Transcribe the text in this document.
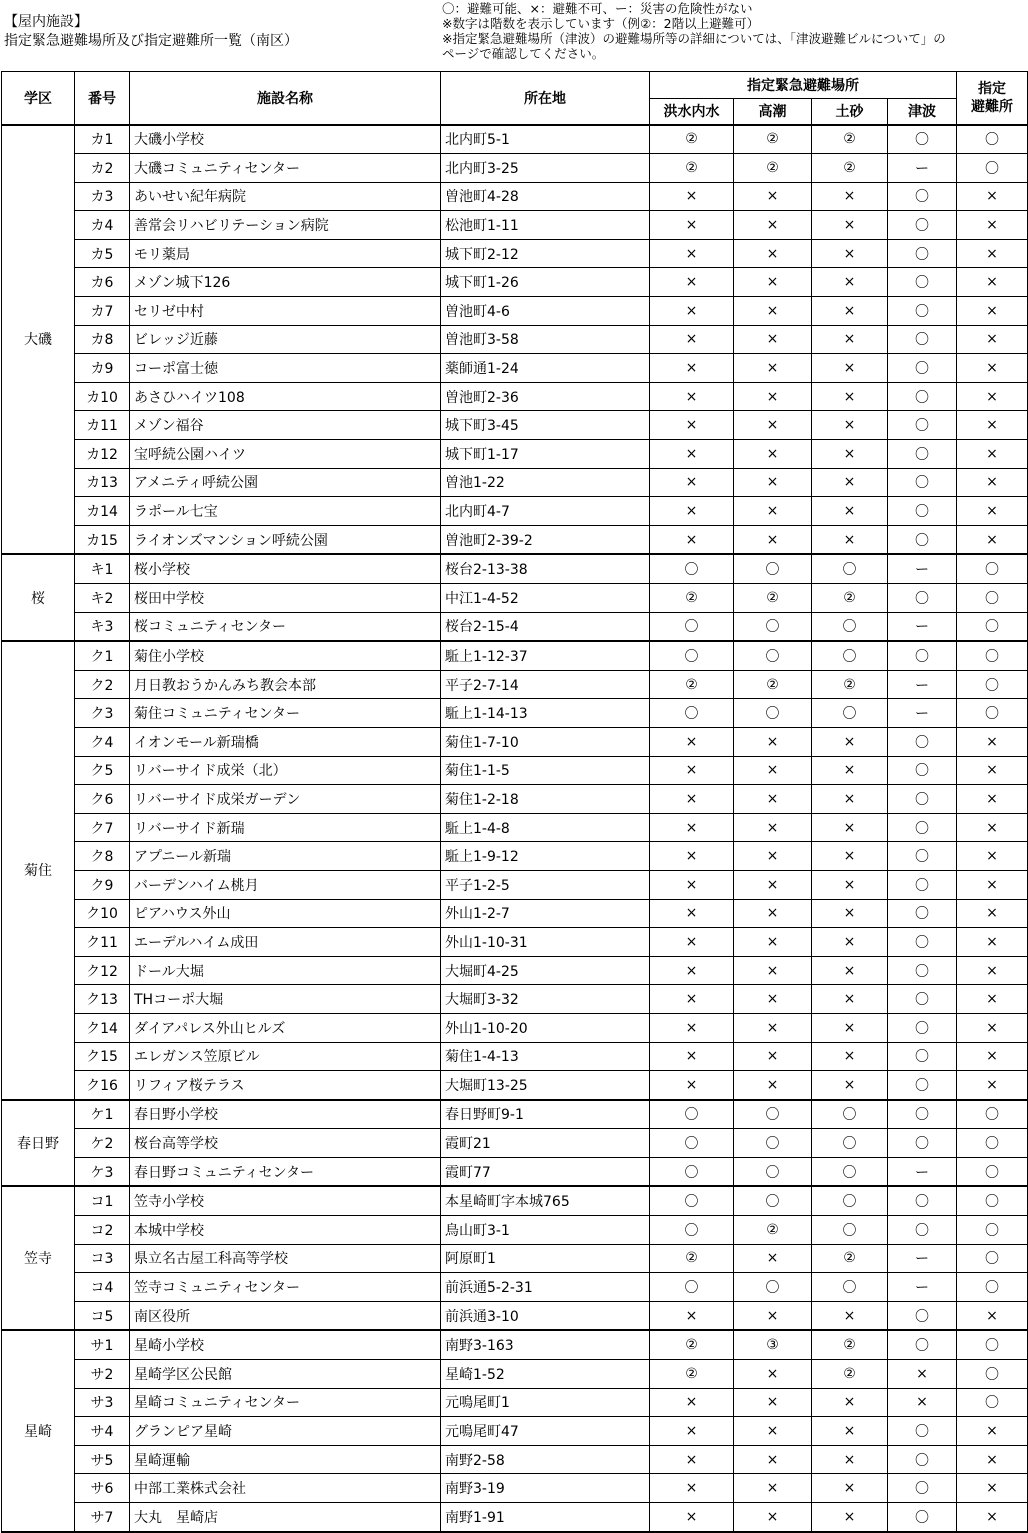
【屋内施設】
指定緊急避難場所及び指定避難所一覧（南区）
〇：避難可能、×：避難不可、ー：災害の危険性がない
※数字は階数を表示しています（例②：2階以上避難可）
※指定緊急避難場所（津波）の避難場所等の詳細については、「津波避難ビルについて」の
ページで確認してください。
学区	番号	施設名称	所在地	指定緊急避難場所				指定
避難所

				洪水内水	高潮	土砂	津波	
大磯	カ1	大磯小学校	北内町5-1	②	②	②	〇	〇
	カ2	大磯コミュニティセンター	北内町3-25	②	②	②	ー	〇
	カ3	あいせい紀年病院	曽池町4-28	×	×	×	〇	×
	カ4	善常会リハビリテーション病院	松池町1-11	×	×	×	〇	×
	カ5	モリ薬局	城下町2-12	×	×	×	〇	×
	カ6	メゾン城下126	城下町1-26	×	×	×	〇	×
	カ7	セリゼ中村	曽池町4-6	×	×	×	〇	×
	カ8	ビレッジ近藤	曽池町3-58	×	×	×	〇	×
	カ9	コーポ富士徳	薬師通1-24	×	×	×	〇	×
	カ10	あさひハイツ108	曽池町2-36	×	×	×	〇	×
	カ11	メゾン福谷	城下町3-45	×	×	×	〇	×
	カ12	宝呼続公園ハイツ	城下町1-17	×	×	×	〇	×
	カ13	アメニティ呼続公園	曽池1-22	×	×	×	〇	×
	カ14	ラポール七宝	北内町4-7	×	×	×	〇	×
	カ15	ライオンズマンション呼続公園	曽池町2-39-2	×	×	×	〇	×
桜	キ1	桜小学校	桜台2-13-38	〇	〇	〇	ー	〇
	キ2	桜田中学校	中江1-4-52	②	②	②	〇	〇
	キ3	桜コミュニティセンター	桜台2-15-4	〇	〇	〇	ー	〇
菊住	ク1	菊住小学校	駈上1-12-37	〇	〇	〇	〇	〇
	ク2	月日教おうかんみち教会本部	平子2-7-14	②	②	②	ー	〇
	ク3	菊住コミュニティセンター	駈上1-14-13	〇	〇	〇	ー	〇
	ク4	イオンモール新瑞橋	菊住1-7-10	×	×	×	〇	×
	ク5	リバーサイド成栄（北）	菊住1-1-5	×	×	×	〇	×
	ク6	リバーサイド成栄ガーデン	菊住1-2-18	×	×	×	〇	×
	ク7	リバーサイド新瑞	駈上1-4-8	×	×	×	〇	×
	ク8	アプニール新瑞	駈上1-9-12	×	×	×	〇	×
	ク9	バーデンハイム桃月	平子1-2-5	×	×	×	〇	×
	ク10	ピアハウス外山	外山1-2-7	×	×	×	〇	×
	ク11	エーデルハイム成田	外山1-10-31	×	×	×	〇	×
	ク12	ドール大堀	大堀町4-25	×	×	×	〇	×
	ク13	THコーポ大堀	大堀町3-32	×	×	×	〇	×
	ク14	ダイアパレス外山ヒルズ	外山1-10-20	×	×	×	〇	×
	ク15	エレガンス笠原ビル	菊住1-4-13	×	×	×	〇	×
	ク16	リフィア桜テラス	大堀町13-25	×	×	×	〇	×
春日野	ケ1	春日野小学校	春日野町9-1	〇	〇	〇	〇	〇
	ケ2	桜台高等学校	霞町21	〇	〇	〇	〇	〇
	ケ3	春日野コミュニティセンター	霞町77	〇	〇	〇	ー	〇
笠寺	コ1	笠寺小学校	本星崎町字本城765	〇	〇	〇	〇	〇
	コ2	本城中学校	鳥山町3-1	〇	②	〇	〇	〇
	コ3	県立名古屋工科高等学校	阿原町1	②	×	②	ー	〇
	コ4	笠寺コミュニティセンター	前浜通5-2-31	〇	〇	〇	ー	〇
	コ5	南区役所	前浜通3-10	×	×	×	〇	×
星崎	サ1	星崎小学校	南野3-163	②	③	②	〇	〇
	サ2	星崎学区公民館	星崎1-52	②	×	②	×	〇
	サ3	星崎コミュニティセンター	元鳴尾町1	×	×	×	×	〇
	サ4	グランピア星崎	元鳴尾町47	×	×	×	〇	×
	サ5	星崎運輸	南野2-58	×	×	×	〇	×
	サ6	中部工業株式会社	南野3-19	×	×	×	〇	×
	サ7	大丸　星崎店	南野1-91	×	×	×	〇	×
